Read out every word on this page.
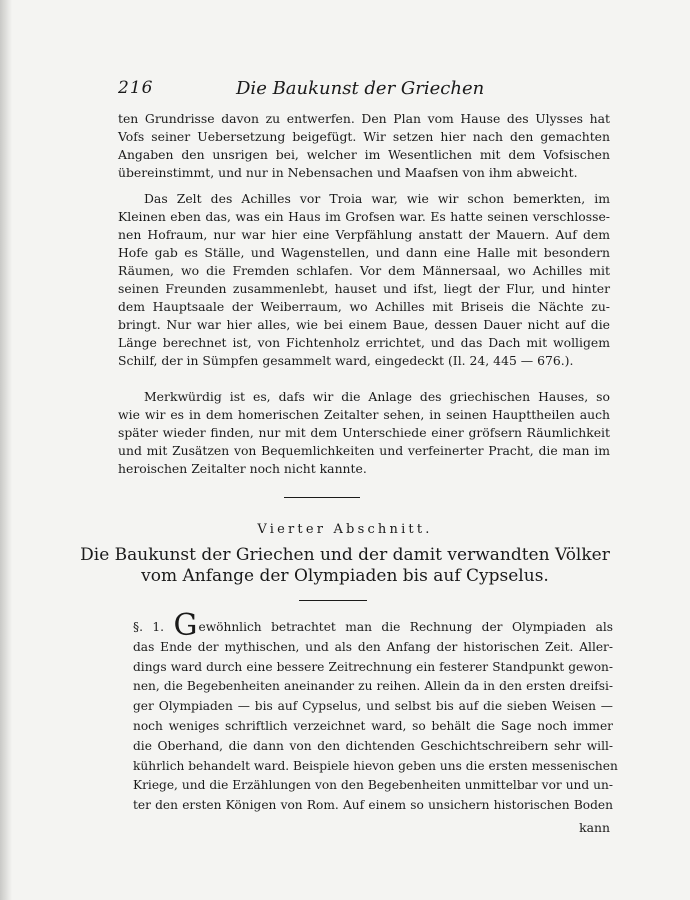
216	Die Baukunst der Griechen
ten Grundrisse davon zu entwerfen. Den Plan vom Hause des Ulysses hat
Vofs seiner Uebersetzung beigefügt. Wir setzen hier nach den gemachten
Angaben den unsrigen bei, welcher im Wesentlichen mit dem Vofsischen
übereinstimmt, und nur in Nebensachen und Maafsen von ihm abweicht.
Das Zelt des Achilles vor Troia war, wie wir schon bemerkten, im
Kleinen eben das, was ein Haus im Grofsen war. Es hatte seinen verschlosse-
nen Hofraum, nur war hier eine Verpfählung anstatt der Mauern. Auf dem
Hofe gab es Ställe, und Wagenstellen, und dann eine Halle mit besondern
Räumen, wo die Fremden schlafen. Vor dem Männersaal, wo Achilles mit
seinen Freunden zusammenlebt, hauset und ifst, liegt der Flur, und hinter
dem Hauptsaale der Weiberraum, wo Achilles mit Briseis die Nächte zu-
bringt. Nur war hier alles, wie bei einem Baue, dessen Dauer nicht auf die
Länge berechnet ist, von Fichtenholz errichtet, und das Dach mit wolligem
Schilf, der in Sümpfen gesammelt ward, eingedeckt (Il. 24, 445 — 676.).
Merkwürdig ist es, dafs wir die Anlage des griechischen Hauses, so
wie wir es in dem homerischen Zeitalter sehen, in seinen Haupttheilen auch
später wieder finden, nur mit dem Unterschiede einer gröfsern Räumlichkeit
und mit Zusätzen von Bequemlichkeiten und verfeinerter Pracht, die man im
heroischen Zeitalter noch nicht kannte.
Vierter Abschnitt.
Die Baukunst der Griechen und der damit verwandten Völker
vom Anfange der Olympiaden bis auf Cypselus.
§. 1. Gewöhnlich betrachtet man die Rechnung der Olympiaden als
das Ende der mythischen, und als den Anfang der historischen Zeit. Aller-
dings ward durch eine bessere Zeitrechnung ein festerer Standpunkt gewon-
nen, die Begebenheiten aneinander zu reihen. Allein da in den ersten dreifsi-
ger Olympiaden — bis auf Cypselus, und selbst bis auf die sieben Weisen —
noch weniges schriftlich verzeichnet ward, so behält die Sage noch immer
die Oberhand, die dann von den dichtenden Geschichtschreibern sehr will-
kührlich behandelt ward. Beispiele hievon geben uns die ersten messenischen
Kriege, und die Erzählungen von den Begebenheiten unmittelbar vor und un-
ter den ersten Königen von Rom. Auf einem so unsichern historischen Boden
kann
